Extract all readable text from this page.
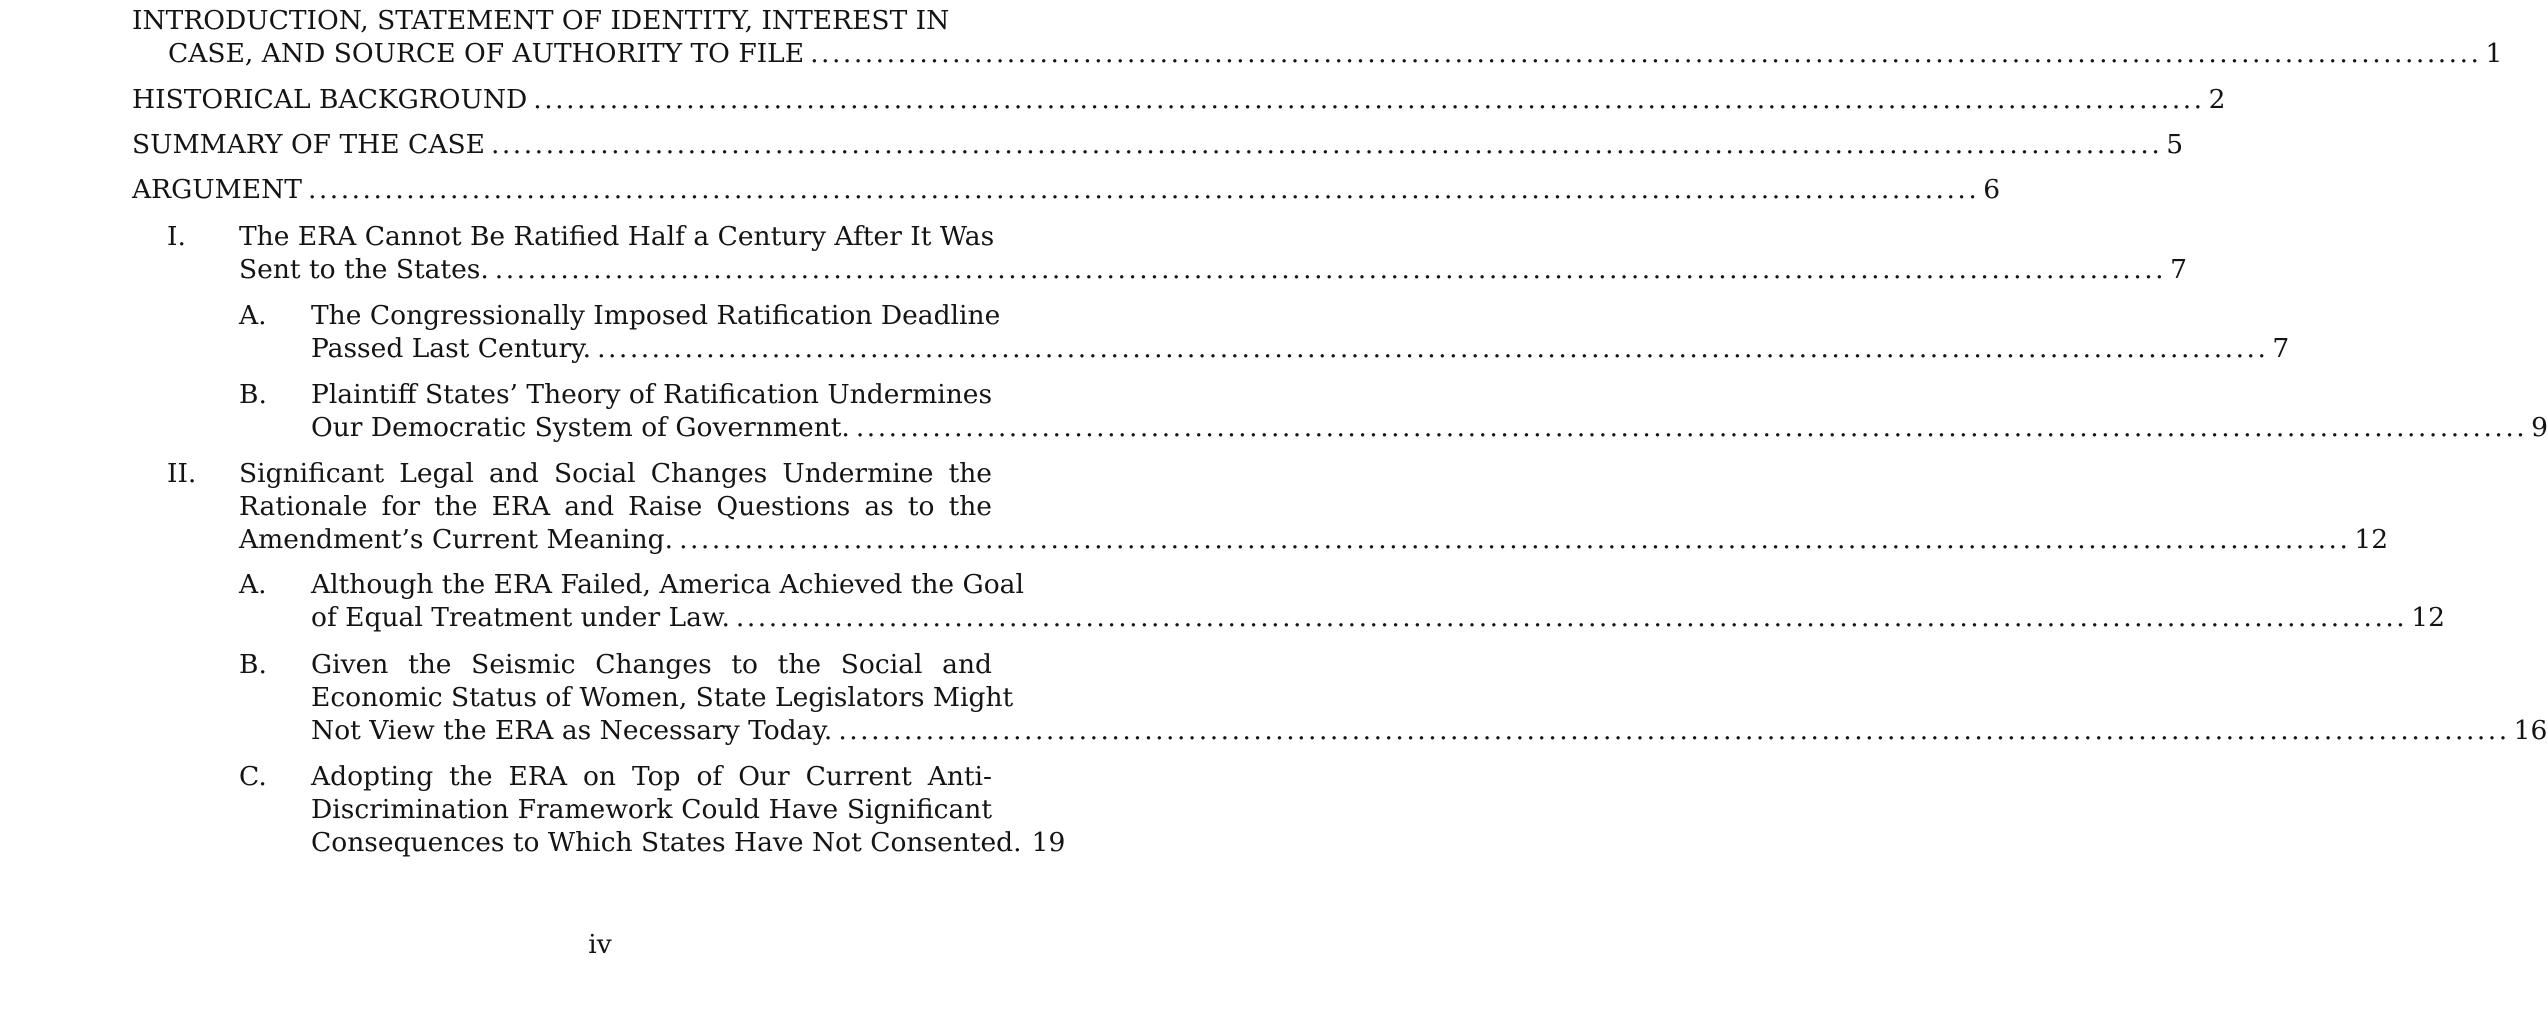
INTRODUCTION, STATEMENT OF IDENTITY, INTEREST IN
CASE, AND SOURCE OF AUTHORITY TO FILE ......................................................................................................................................................... 1
HISTORICAL BACKGROUND ......................................................................................................................................................... 2
SUMMARY OF THE CASE ......................................................................................................................................................... 5
ARGUMENT ......................................................................................................................................................... 6
I. The ERA Cannot Be Ratified Half a Century After It Was
Sent to the States. ......................................................................................................................................................... 7
A. The Congressionally Imposed Ratification Deadline
Passed Last Century. ......................................................................................................................................................... 7
B. Plaintiff States’ Theory of Ratification Undermines
Our Democratic System of Government. ......................................................................................................................................................... 9
II. Significant Legal and Social Changes Undermine the
Rationale for the ERA and Raise Questions as to the
Amendment’s Current Meaning. ......................................................................................................................................................... 12
A. Although the ERA Failed, America Achieved the Goal
of Equal Treatment under Law. ......................................................................................................................................................... 12
B. Given the Seismic Changes to the Social and
Economic Status of Women, State Legislators Might
Not View the ERA as Necessary Today. ......................................................................................................................................................... 16
C. Adopting the ERA on Top of Our Current Anti-
Discrimination Framework Could Have Significant
Consequences to Which States Have Not Consented. 19
iv
